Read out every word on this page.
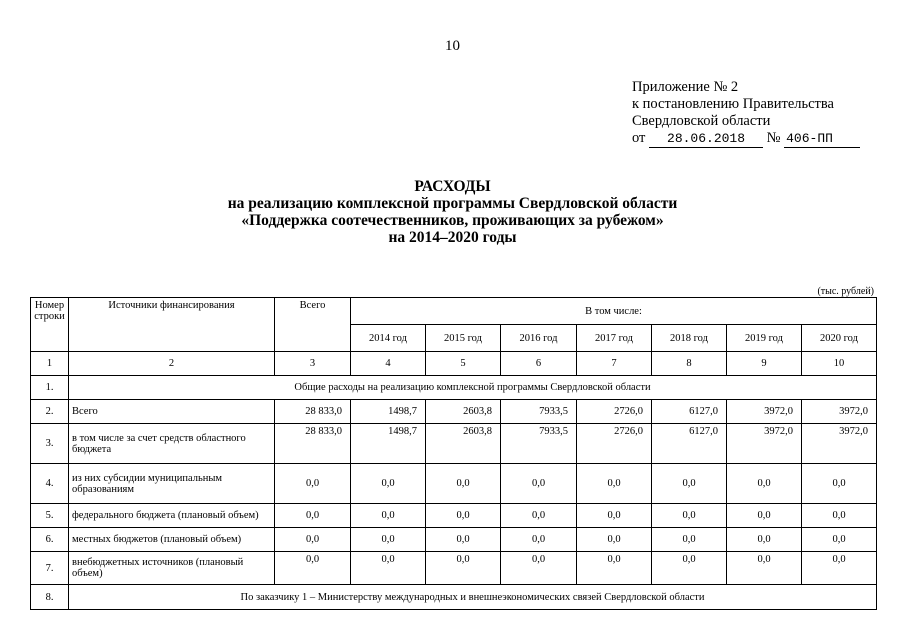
10
Приложение № 2
к постановлению Правительства
Свердловской области
от 28.06.2018 № 406-ПП
РАСХОДЫ
на реализацию комплексной программы Свердловской области
«Поддержка соотечественников, проживающих за рубежом»
на 2014–2020 годы
(тыс. рублей)
Номер строки	Источники финансирования	Всего	В том числе:						
			2014 год	2015 год	2016 год	2017 год	2018 год	2019 год	2020 год
1	2	3	4	5	6	7	8	9	10
1.	Общие расходы на реализацию комплексной программы Свердловской области								
2.	Всего	28 833,0	1498,7	2603,8	7933,5	2726,0	6127,0	3972,0	3972,0
3.	в том числе за счет средств областного бюджета	28 833,0	1498,7	2603,8	7933,5	2726,0	6127,0	3972,0	3972,0
4.	из них субсидии муниципальным образованиям	0,0	0,0	0,0	0,0	0,0	0,0	0,0	0,0
5.	федерального бюджета (плановый объем)	0,0	0,0	0,0	0,0	0,0	0,0	0,0	0,0
6.	местных бюджетов (плановый объем)	0,0	0,0	0,0	0,0	0,0	0,0	0,0	0,0
7.	внебюджетных источников (плановый объем)	0,0	0,0	0,0	0,0	0,0	0,0	0,0	0,0
8.	По заказчику 1 – Министерству международных и внешнеэкономических связей Свердловской области								
